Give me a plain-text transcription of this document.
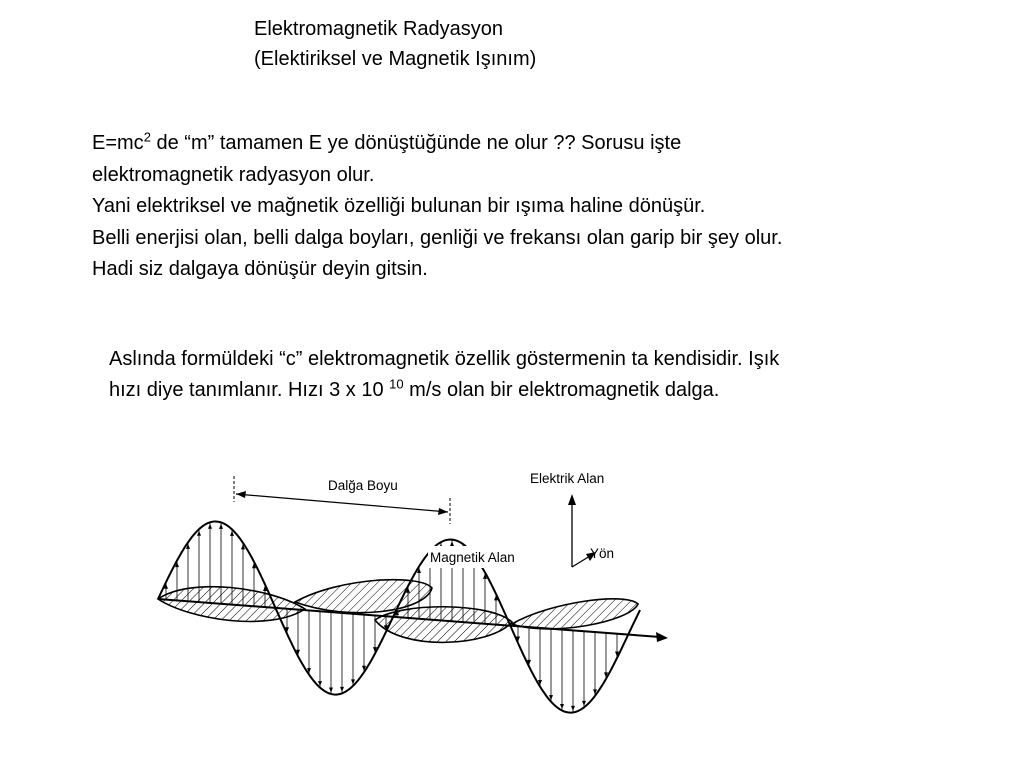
Elektromagnetik Radyasyon
(Elektiriksel ve Magnetik Işınım)
$E=mc^2$ de “m” tamamen E ye dönüştüğünde ne olur ?? Sorusu işte
elektromagnetik radyasyon olur.
Yani elektriksel ve mağnetik özelliği bulunan bir ışıma haline dönüşür.
Belli enerjisi olan, belli dalga boyları, genliği ve frekansı olan garip bir şey olur.
Hadi siz dalgaya dönüşür deyin gitsin.
Aslında formüldeki “c” elektromagnetik özellik göstermenin ta kendisidir. Işık
hızı diye tanımlanır. Hızı 3 x 10 $^{10}$ m/s olan bir elektromagnetik dalga.
Dalğa Boyu	Elektrik Alan
Yön
Magnetik Alan
